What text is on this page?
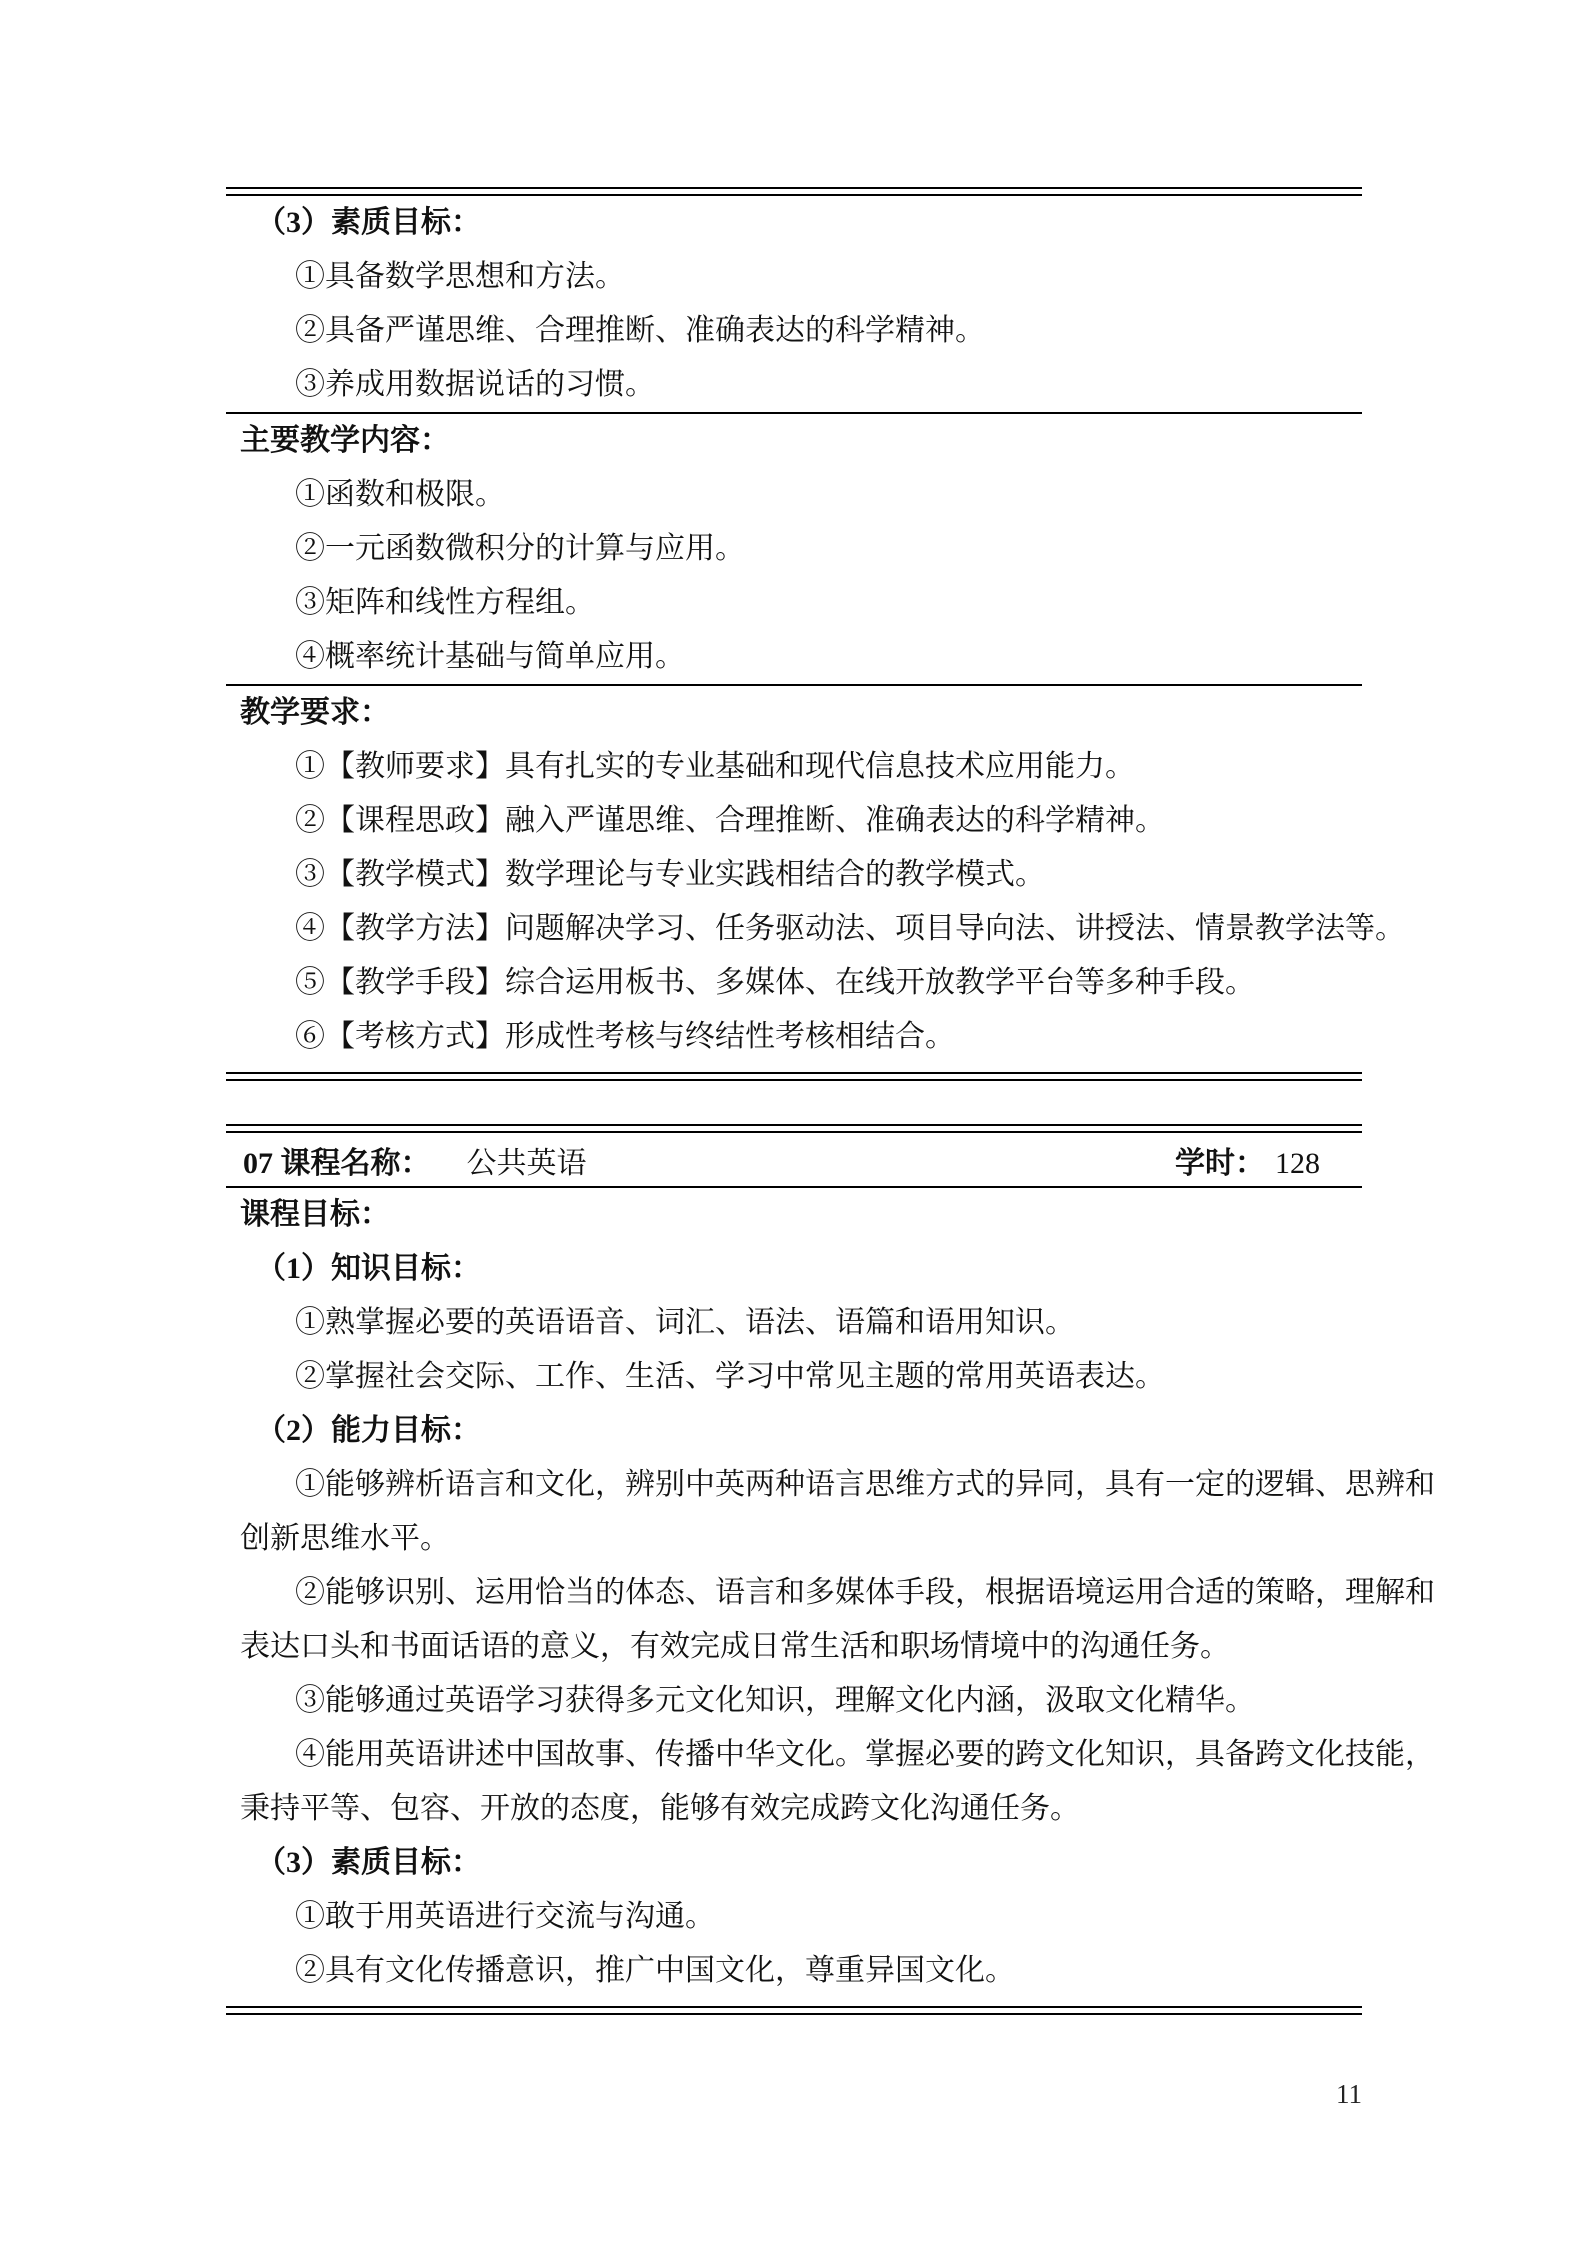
（3）素质目标：
①具备数学思想和方法。
②具备严谨思维、合理推断、准确表达的科学精神。
③养成用数据说话的习惯。
主要教学内容：
①函数和极限。
②一元函数微积分的计算与应用。
③矩阵和线性方程组。
④概率统计基础与简单应用。
教学要求：
①【教师要求】具有扎实的专业基础和现代信息技术应用能力。
②【课程思政】融入严谨思维、合理推断、准确表达的科学精神。
③【教学模式】数学理论与专业实践相结合的教学模式。
④【教学方法】问题解决学习、任务驱动法、项目导向法、讲授法、情景教学法等。
⑤【教学手段】综合运用板书、多媒体、在线开放教学平台等多种手段。
⑥【考核方式】形成性考核与终结性考核相结合。
07 课程名称： 公共英语	学时： 128
课程目标：
（1）知识目标：
①熟掌握必要的英语语音、词汇、语法、语篇和语用知识。
②掌握社会交际、工作、生活、学习中常见主题的常用英语表达。
（2）能力目标：
①能够辨析语言和文化，辨别中英两种语言思维方式的异同，具有一定的逻辑、思辨和
创新思维水平。
②能够识别、运用恰当的体态、语言和多媒体手段，根据语境运用合适的策略，理解和
表达口头和书面话语的意义，有效完成日常生活和职场情境中的沟通任务。
③能够通过英语学习获得多元文化知识，理解文化内涵，汲取文化精华。
④能用英语讲述中国故事、传播中华文化。掌握必要的跨文化知识，具备跨文化技能，
秉持平等、包容、开放的态度，能够有效完成跨文化沟通任务。
（3）素质目标：
①敢于用英语进行交流与沟通。
②具有文化传播意识，推广中国文化，尊重异国文化。
11
